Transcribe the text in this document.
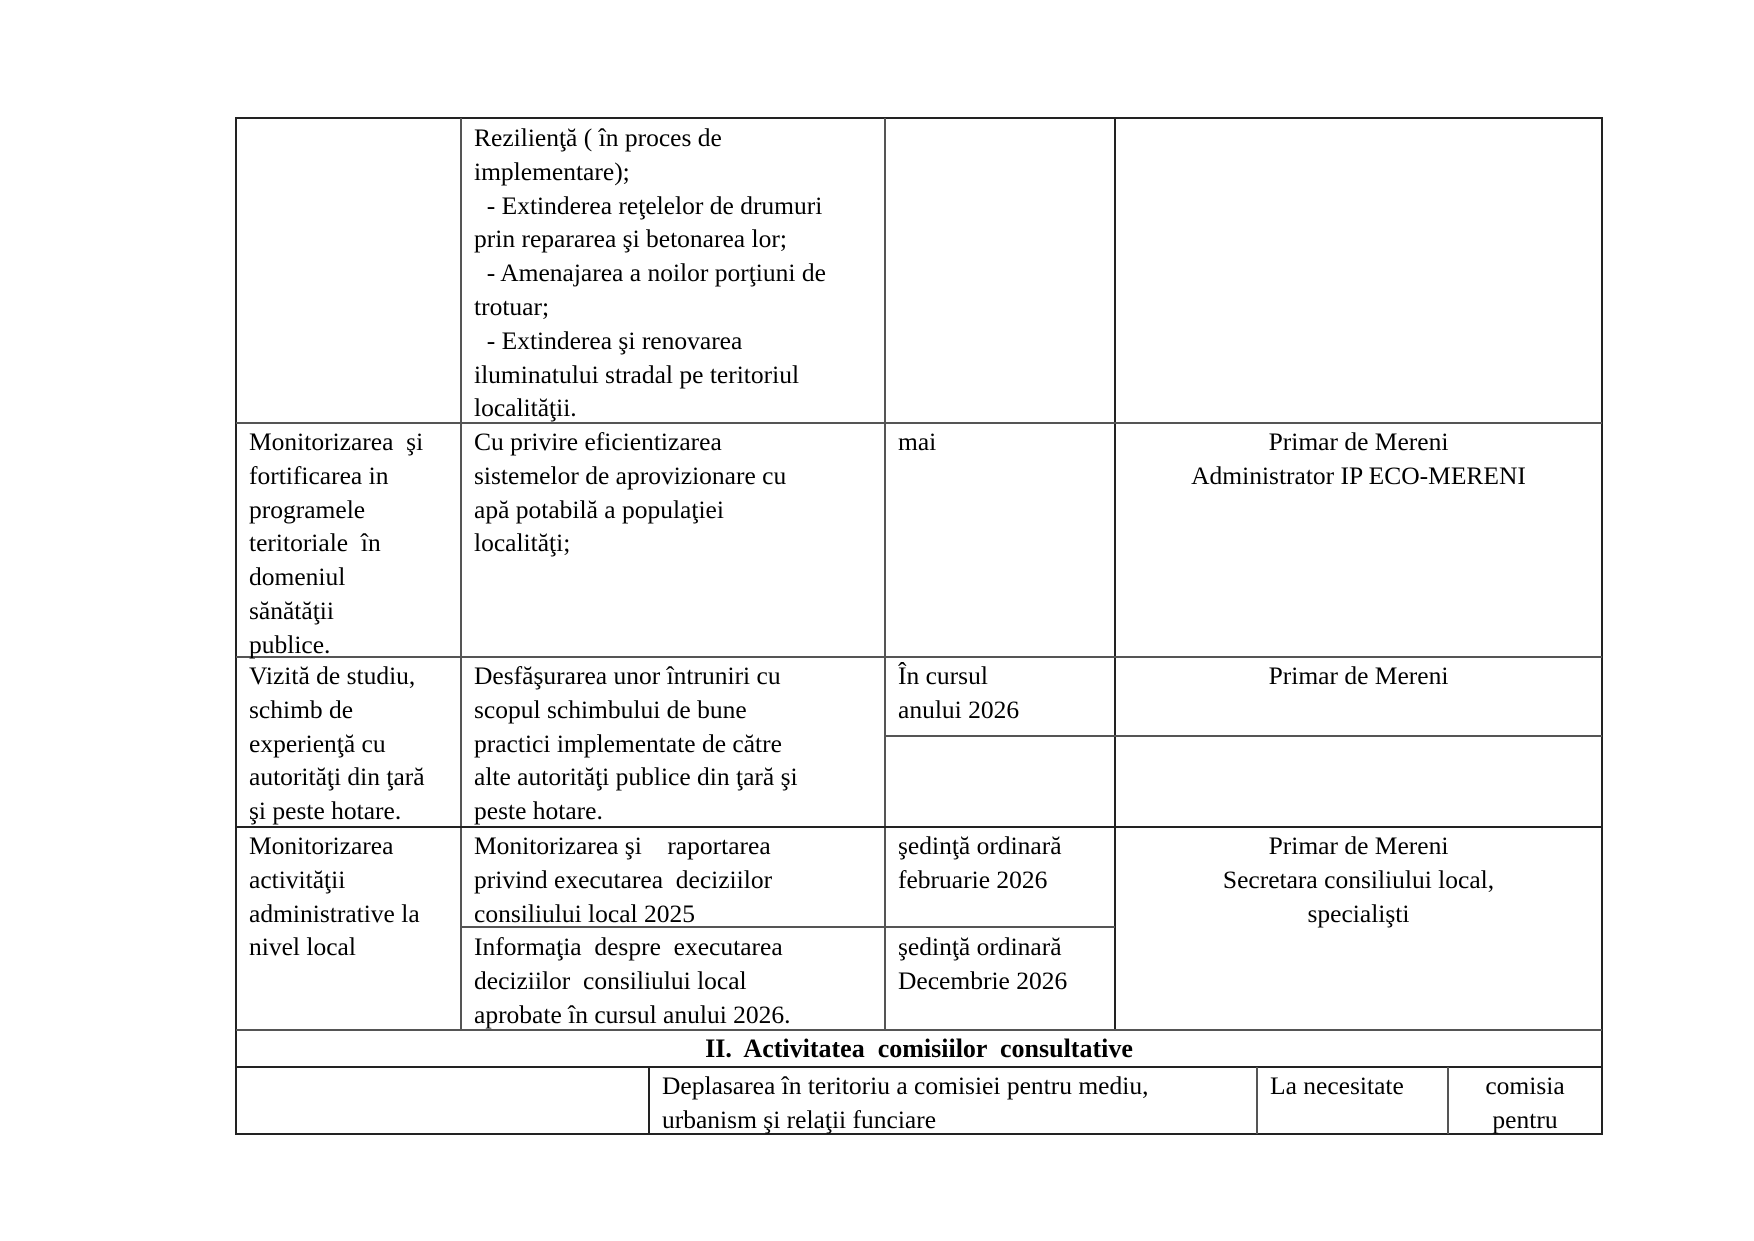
Rezilienţă ( în proces de
implementare);
- Extinderea reţelelor de drumuri
prin repararea şi betonarea lor;
- Amenajarea a noilor porţiuni de
trotuar;
- Extinderea şi renovarea
iluminatului stradal pe teritoriul
localităţii.
Monitorizarea  şi
fortificarea in
programele
teritoriale  în
domeniul
sănătăţii
publice.
Cu privire eficientizarea
sistemelor de aprovizionare cu
apă potabilă a populaţiei
localităţi;
mai	Primar de Mereni
Administrator IP ECO-MERENI
Vizită de studiu,
schimb de
experienţă cu
autorităţi din ţară
şi peste hotare.
Desfăşurarea unor întruniri cu
scopul schimbului de bune
practici implementate de către
alte autorităţi publice din ţară şi
peste hotare.
În cursul
anului 2026
Primar de Mereni
Monitorizarea
activităţii
administrative la
nivel local
Monitorizarea şi    raportarea
privind executarea  deciziilor
consiliului local 2025
şedinţă ordinară
februarie 2026
Informaţia  despre  executarea
deciziilor  consiliului local
aprobate în cursul anului 2026.
şedinţă ordinară
Decembrie 2026
Primar de Mereni
Secretara consiliului local,
specialişti
II.  Activitatea  comisiilor  consultative
Deplasarea în teritoriu a comisiei pentru mediu,
urbanism şi relaţii funciare
La necesitate	comisia
pentru
